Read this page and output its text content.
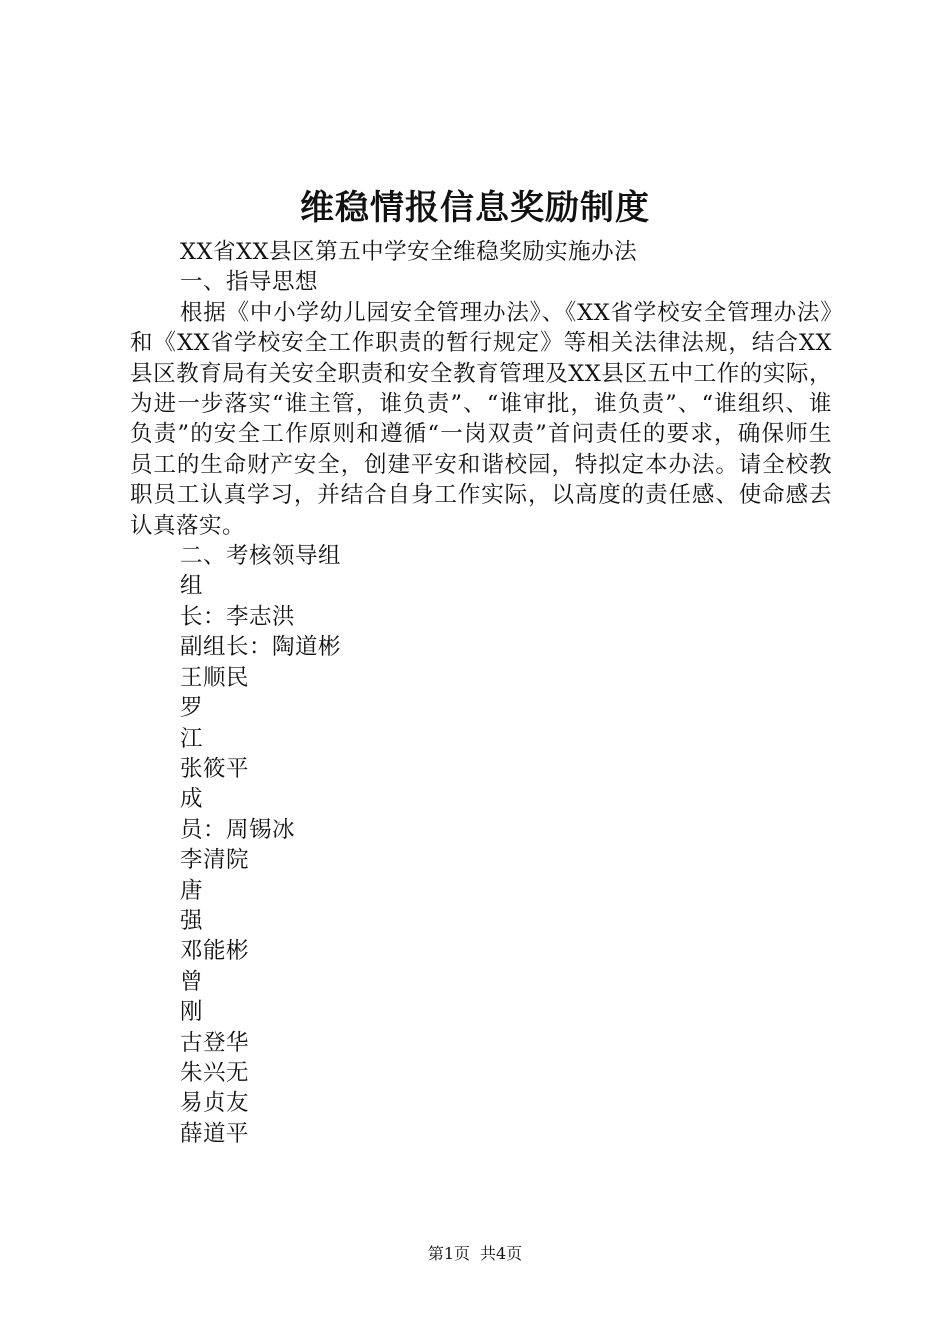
维稳情报信息奖励制度
XX省XX县区第五中学安全维稳奖励实施办法
一、指导思想
根据《中小学幼儿园安全管理办法》、《XX省学校安全管理办法》和《XX省学校安全工作职责的暂行规定》等相关法律法规，结合XX县区教育局有关安全职责和安全教育管理及XX县区五中工作的实际，为进一步落实“谁主管，谁负责”、“谁审批，谁负责”、“谁组织、谁负责”的安全工作原则和遵循“一岗双责”首问责任的要求，确保师生员工的生命财产安全，创建平安和谐校园，特拟定本办法。请全校教职员工认真学习，并结合自身工作实际，以高度的责任感、使命感去认真落实。
二、考核领导组
组
长：李志洪
副组长：陶道彬
王顺民
罗
江
张筱平
成
员：周锡冰
李清院
唐
强
邓能彬
曾
刚
古登华
朱兴无
易贞友
薛道平
第1页 共4页
